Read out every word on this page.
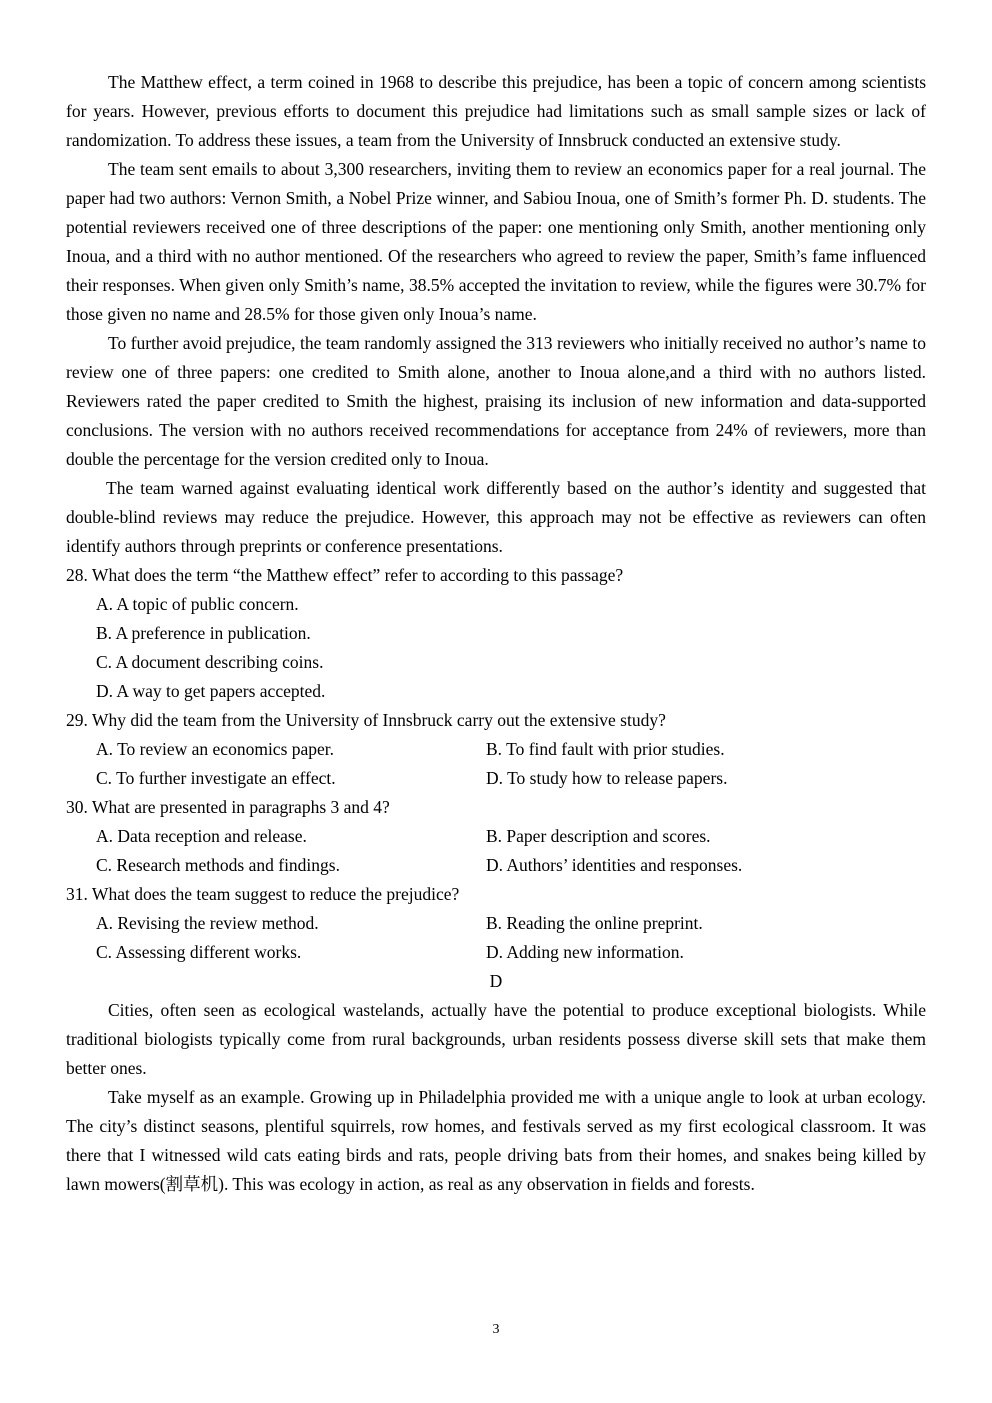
The Matthew effect, a term coined in 1968 to describe this prejudice, has been a topic of concern among scientists for years. However, previous efforts to document this prejudice had limitations such as small sample sizes or lack of randomization. To address these issues, a team from the University of Innsbruck conducted an extensive study.

The team sent emails to about 3,300 researchers, inviting them to review an economics paper for a real journal. The paper had two authors: Vernon Smith, a Nobel Prize winner, and Sabiou Inoua, one of Smith’s former Ph. D. students. The potential reviewers received one of three descriptions of the paper: one mentioning only Smith, another mentioning only Inoua, and a third with no author mentioned. Of the researchers who agreed to review the paper, Smith’s fame influenced their responses. When given only Smith’s name, 38.5% accepted the invitation to review, while the figures were 30.7% for those given no name and 28.5% for those given only Inoua’s name.

To further avoid prejudice, the team randomly assigned the 313 reviewers who initially received no author’s name to review one of three papers: one credited to Smith alone, another to Inoua alone,and a third with no authors listed. Reviewers rated the paper credited to Smith the highest, praising its inclusion of new information and data-supported conclusions. The version with no authors received recommendations for acceptance from 24% of reviewers, more than double the percentage for the version credited only to Inoua.

The team warned against evaluating identical work differently based on the author’s identity and suggested that double-blind reviews may reduce the prejudice. However, this approach may not be effective as reviewers can often identify authors through preprints or conference presentations.

28. What does the term “the Matthew effect” refer to according to this passage?

A. A topic of public concern.
B. A preference in publication.
C. A document describing coins.
D. A way to get papers accepted.

29. Why did the team from the University of Innsbruck carry out the extensive study?

A. To review an economics paper.	B. To find fault with prior studies.
C. To further investigate an effect.	D. To study how to release papers.

30. What are presented in paragraphs 3 and 4?

A. Data reception and release.	B. Paper description and scores.
C. Research methods and findings.	D. Authors’ identities and responses.

31. What does the team suggest to reduce the prejudice?

A. Revising the review method.	B. Reading the online preprint.
C. Assessing different works.	D. Adding new information.
D

Cities, often seen as ecological wastelands, actually have the potential to produce exceptional biologists. While traditional biologists typically come from rural backgrounds, urban residents possess diverse skill sets that make them better ones.

Take myself as an example. Growing up in Philadelphia provided me with a unique angle to look at urban ecology. The city’s distinct seasons, plentiful squirrels, row homes, and festivals served as my first ecological classroom. It was there that I witnessed wild cats eating birds and rats, people driving bats from their homes, and snakes being killed by lawn mowers(割草机). This was ecology in action, as real as any observation in fields and forests.

3
